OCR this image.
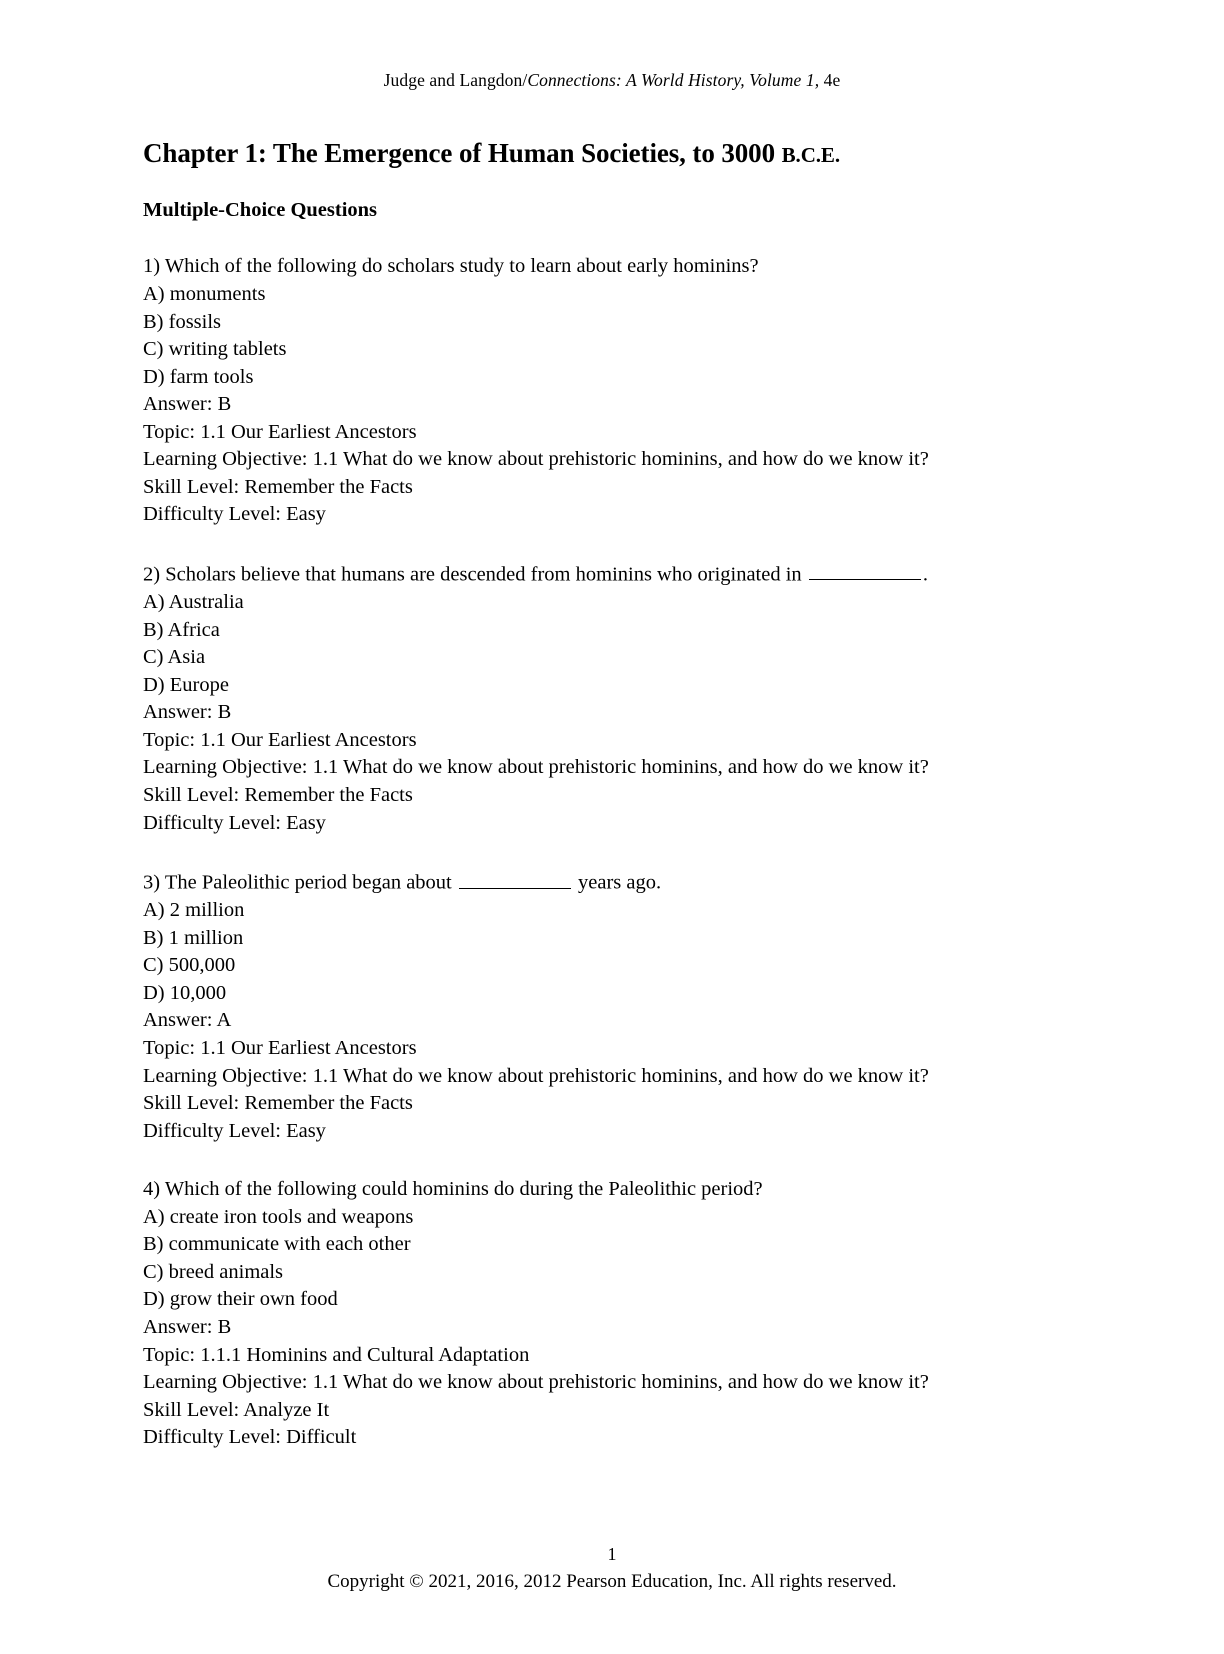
Judge and Langdon/Connections: A World History, Volume 1, 4e
Chapter 1: The Emergence of Human Societies, to 3000 B.C.E.
Multiple-Choice Questions
1) Which of the following do scholars study to learn about early hominins?
A) monuments
B) fossils
C) writing tablets
D) farm tools
Answer: B
Topic: 1.1 Our Earliest Ancestors
Learning Objective: 1.1 What do we know about prehistoric hominins, and how do we know it?
Skill Level: Remember the Facts
Difficulty Level: Easy
2) Scholars believe that humans are descended from hominins who originated in	.
A) Australia
B) Africa
C) Asia
D) Europe
Answer: B
Topic: 1.1 Our Earliest Ancestors
Learning Objective: 1.1 What do we know about prehistoric hominins, and how do we know it?
Skill Level: Remember the Facts
Difficulty Level: Easy
3) The Paleolithic period began about	years ago.
A) 2 million
B) 1 million
C) 500,000
D) 10,000
Answer: A
Topic: 1.1 Our Earliest Ancestors
Learning Objective: 1.1 What do we know about prehistoric hominins, and how do we know it?
Skill Level: Remember the Facts
Difficulty Level: Easy
4) Which of the following could hominins do during the Paleolithic period?
A) create iron tools and weapons
B) communicate with each other
C) breed animals
D) grow their own food
Answer: B
Topic: 1.1.1 Hominins and Cultural Adaptation
Learning Objective: 1.1 What do we know about prehistoric hominins, and how do we know it?
Skill Level: Analyze It
Difficulty Level: Difficult
1
Copyright © 2021, 2016, 2012 Pearson Education, Inc. All rights reserved.
